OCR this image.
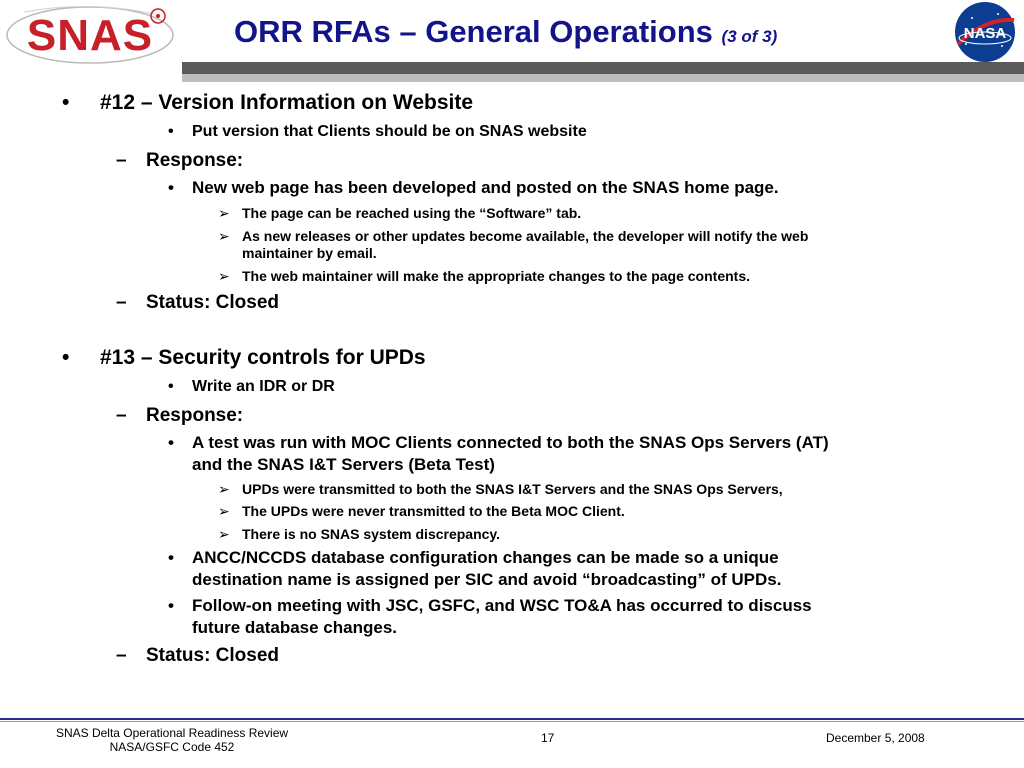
SNAS	ORR RFAs – General Operations (3 of 3)	NASA
• #12 – Version Information on Website
• Put version that Clients should be on SNAS website
– Response:
• New web page has been developed and posted on the SNAS home page.
➢ The page can be reached using the “Software” tab.
➢ As new releases or other updates become available, the developer will notify the web
maintainer by email.
➢ The web maintainer will make the appropriate changes to the page contents.
– Status: Closed
• #13 – Security controls for UPDs
• Write an IDR or DR
– Response:
• A test was run with MOC Clients connected to both the SNAS Ops Servers (AT)
and the SNAS I&T Servers (Beta Test)
➢ UPDs were transmitted to both the SNAS I&T Servers and the SNAS Ops Servers,
➢ The UPDs were never transmitted to the Beta MOC Client.
➢ There is no SNAS system discrepancy.
• ANCC/NCCDS database configuration changes can be made so a unique
destination name is assigned per SIC and avoid “broadcasting” of UPDs.
• Follow-on meeting with JSC, GSFC, and WSC TO&A has occurred to discuss
future database changes.
– Status: Closed
SNAS Delta Operational Readiness Review
NASA/GSFC Code 452
17	December 5, 2008
